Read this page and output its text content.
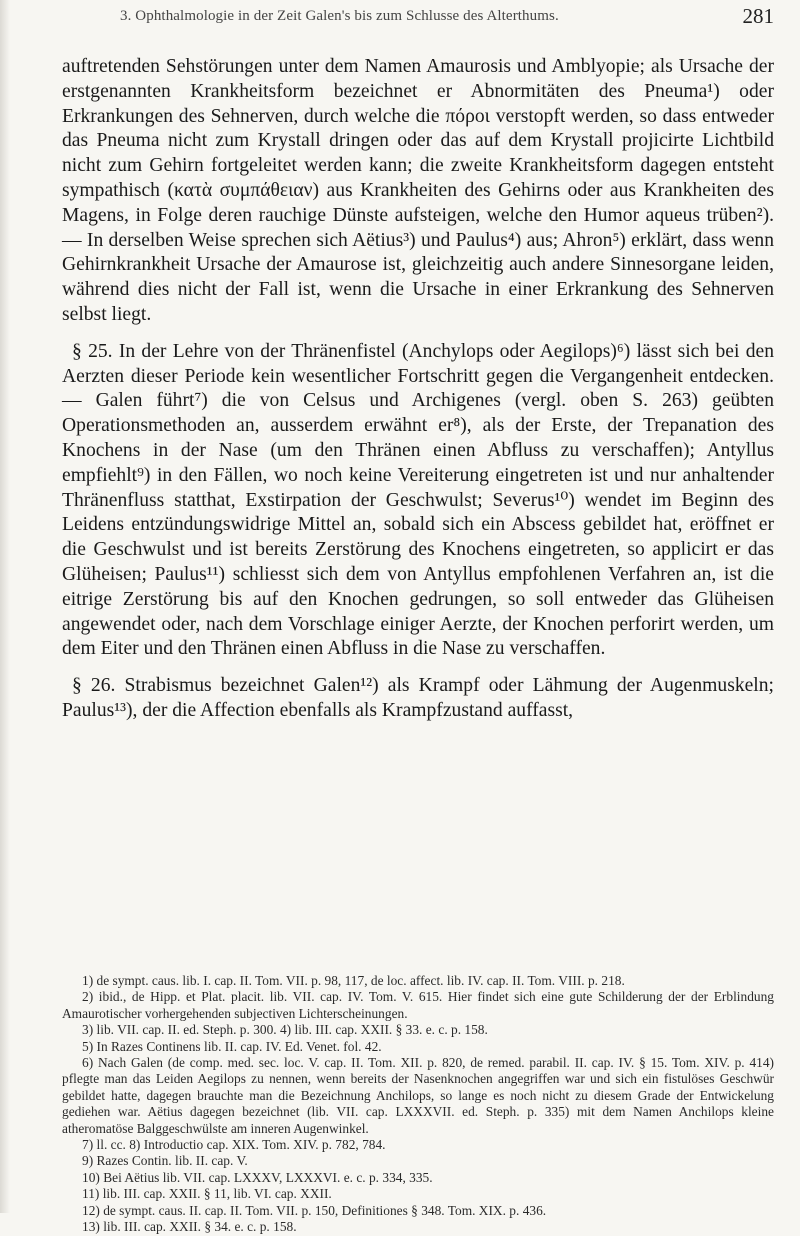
3. Ophthalmologie in der Zeit Galen's bis zum Schlusse des Alterthums.	281

auftretenden Sehstörungen unter dem Namen Amaurosis und Amblyopie; als Ursache der erstgenannten Krankheitsform bezeichnet er Abnormitäten des Pneuma¹) oder Erkrankungen des Sehnerven, durch welche die πόροι verstopft werden, so dass entweder das Pneuma nicht zum Krystall dringen oder das auf dem Krystall projicirte Lichtbild nicht zum Gehirn fortgeleitet werden kann; die zweite Krankheitsform dagegen entsteht sympathisch (κατὰ συμπάθειαν) aus Krankheiten des Gehirns oder aus Krankheiten des Magens, in Folge deren rauchige Dünste aufsteigen, welche den Humor aqueus trüben²). — In derselben Weise sprechen sich Aëtius³) und Paulus⁴) aus; Ahron⁵) erklärt, dass wenn Gehirnkrankheit Ursache der Amaurose ist, gleichzeitig auch andere Sinnesorgane leiden, während dies nicht der Fall ist, wenn die Ursache in einer Erkrankung des Sehnerven selbst liegt.

§ 25. In der Lehre von der Thränenfistel (Anchylops oder Aegilops)⁶) lässt sich bei den Aerzten dieser Periode kein wesentlicher Fortschritt gegen die Vergangenheit entdecken. — Galen führt⁷) die von Celsus und Archigenes (vergl. oben S. 263) geübten Operationsmethoden an, ausserdem erwähnt er⁸), als der Erste, der Trepanation des Knochens in der Nase (um den Thränen einen Abfluss zu verschaffen); Antyllus empfiehlt⁹) in den Fällen, wo noch keine Vereiterung eingetreten ist und nur anhaltender Thränenfluss statthat, Exstirpation der Geschwulst; Severus¹⁰) wendet im Beginn des Leidens entzündungswidrige Mittel an, sobald sich ein Abscess gebildet hat, eröffnet er die Geschwulst und ist bereits Zerstörung des Knochens eingetreten, so applicirt er das Glüheisen; Paulus¹¹) schliesst sich dem von Antyllus empfohlenen Verfahren an, ist die eitrige Zerstörung bis auf den Knochen gedrungen, so soll entweder das Glüheisen angewendet oder, nach dem Vorschlage einiger Aerzte, der Knochen perforirt werden, um dem Eiter und den Thränen einen Abfluss in die Nase zu verschaffen.

§ 26. Strabismus bezeichnet Galen¹²) als Krampf oder Lähmung der Augenmuskeln; Paulus¹³), der die Affection ebenfalls als Krampfzustand auffasst,

1) de sympt. caus. lib. I. cap. II. Tom. VII. p. 98, 117, de loc. affect. lib. IV. cap. II. Tom. VIII. p. 218.

2) ibid., de Hipp. et Plat. placit. lib. VII. cap. IV. Tom. V. 615. Hier findet sich eine gute Schilderung der der Erblindung Amaurotischer vorhergehenden subjectiven Lichterscheinungen.

3) lib. VII. cap. II. ed. Steph. p. 300. 4) lib. III. cap. XXII. § 33. e. c. p. 158.

5) In Razes Continens lib. II. cap. IV. Ed. Venet. fol. 42.

6) Nach Galen (de comp. med. sec. loc. V. cap. II. Tom. XII. p. 820, de remed. parabil. II. cap. IV. § 15. Tom. XIV. p. 414) pflegte man das Leiden Aegilops zu nennen, wenn bereits der Nasenknochen angegriffen war und sich ein fistulöses Geschwür gebildet hatte, dagegen brauchte man die Bezeichnung Anchilops, so lange es noch nicht zu diesem Grade der Entwickelung gediehen war. Aëtius dagegen bezeichnet (lib. VII. cap. LXXXVII. ed. Steph. p. 335) mit dem Namen Anchilops kleine atheromatöse Balggeschwülste am inneren Augenwinkel.

7) ll. cc. 8) Introductio cap. XIX. Tom. XIV. p. 782, 784.

9) Razes Contin. lib. II. cap. V.

10) Bei Aëtius lib. VII. cap. LXXXV, LXXXVI. e. c. p. 334, 335.

11) lib. III. cap. XXII. § 11, lib. VI. cap. XXII.

12) de sympt. caus. II. cap. II. Tom. VII. p. 150, Definitiones § 348. Tom. XIX. p. 436.

13) lib. III. cap. XXII. § 34. e. c. p. 158.
